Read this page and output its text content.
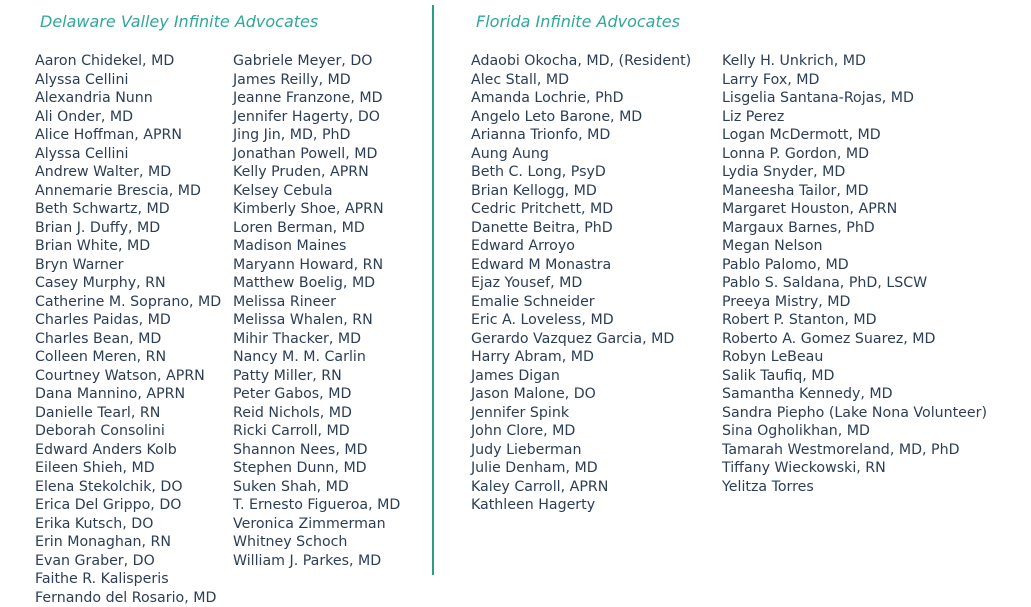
Delaware Valley Infinite Advocates
Aaron Chidekel, MD
Alyssa Cellini
Alexandria Nunn
Ali Onder, MD
Alice Hoffman, APRN
Alyssa Cellini
Andrew Walter, MD
Annemarie Brescia, MD
Beth Schwartz, MD
Brian J. Duffy, MD
Brian White, MD
Bryn Warner
Casey Murphy, RN
Catherine M. Soprano, MD
Charles Paidas, MD
Charles Bean, MD
Colleen Meren, RN
Courtney Watson, APRN
Dana Mannino, APRN
Danielle Tearl, RN
Deborah Consolini
Edward Anders Kolb
Eileen Shieh, MD
Elena Stekolchik, DO
Erica Del Grippo, DO
Erika Kutsch, DO
Erin Monaghan, RN
Evan Graber, DO
Faithe R. Kalisperis
Fernando del Rosario, MD
Gabriele Meyer, DO
James Reilly, MD
Jeanne Franzone, MD
Jennifer Hagerty, DO
Jing Jin, MD, PhD
Jonathan Powell, MD
Kelly Pruden, APRN
Kelsey Cebula
Kimberly Shoe, APRN
Loren Berman, MD
Madison Maines
Maryann Howard, RN
Matthew Boelig, MD
Melissa Rineer
Melissa Whalen, RN
Mihir Thacker, MD
Nancy M. M. Carlin
Patty Miller, RN
Peter Gabos, MD
Reid Nichols, MD
Ricki Carroll, MD
Shannon Nees, MD
Stephen Dunn, MD
Suken Shah, MD
T. Ernesto Figueroa, MD
Veronica Zimmerman
Whitney Schoch
William J. Parkes, MD
Florida Infinite Advocates
Adaobi Okocha, MD, (Resident)
Alec Stall, MD
Amanda Lochrie, PhD
Angelo Leto Barone, MD
Arianna Trionfo, MD
Aung Aung
Beth C. Long, PsyD
Brian Kellogg, MD
Cedric Pritchett, MD
Danette Beitra, PhD
Edward Arroyo
Edward M Monastra
Ejaz Yousef, MD
Emalie Schneider
Eric A. Loveless, MD
Gerardo Vazquez Garcia, MD
Harry Abram, MD
James Digan
Jason Malone, DO
Jennifer Spink
John Clore, MD
Judy Lieberman
Julie Denham, MD
Kaley Carroll, APRN
Kathleen Hagerty
Kelly H. Unkrich, MD
Larry Fox, MD
Lisgelia Santana-Rojas, MD
Liz Perez
Logan McDermott, MD
Lonna P. Gordon, MD
Lydia Snyder, MD
Maneesha Tailor, MD
Margaret Houston, APRN
Margaux Barnes, PhD
Megan Nelson
Pablo Palomo, MD
Pablo S. Saldana, PhD, LSCW
Preeya Mistry, MD
Robert P. Stanton, MD
Roberto A. Gomez Suarez, MD
Robyn LeBeau
Salik Taufiq, MD
Samantha Kennedy, MD
Sandra Piepho (Lake Nona Volunteer)
Sina Ogholikhan, MD
Tamarah Westmoreland, MD, PhD
Tiffany Wieckowski, RN
Yelitza Torres
